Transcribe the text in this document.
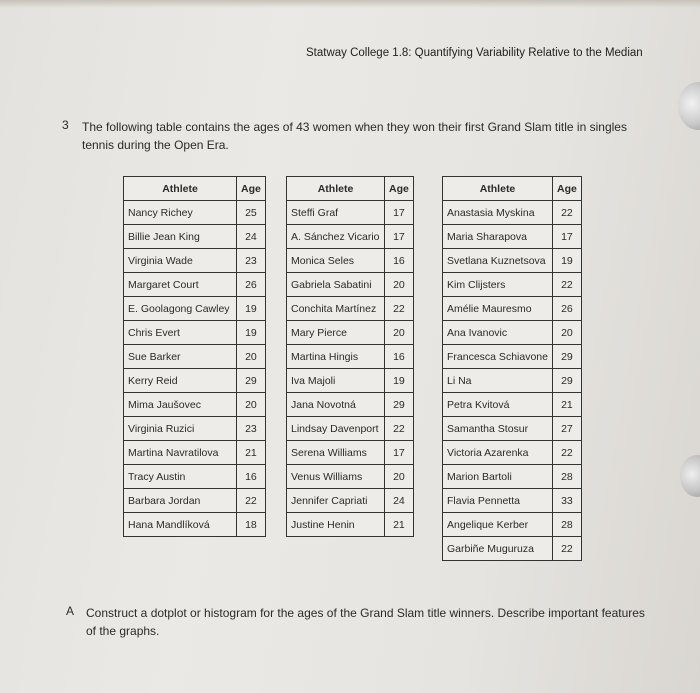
Statway College 1.8: Quantifying Variability Relative to the Median
3 The following table contains the ages of 43 women when they won their first Grand Slam title in singles tennis during the Open Era.
Athlete	Age
Nancy Richey	25
Billie Jean King	24
Virginia Wade	23
Margaret Court	26
E. Goolagong Cawley	19
Chris Evert	19
Sue Barker	20
Kerry Reid	29
Mima Jaušovec	20
Virginia Ruzici	23
Martina Navratilova	21
Tracy Austin	16
Barbara Jordan	22
Hana Mandlíková	18
Athlete	Age
Steffi Graf	17
A. Sánchez Vicario	17
Monica Seles	16
Gabriela Sabatini	20
Conchita Martínez	22
Mary Pierce	20
Martina Hingis	16
Iva Majoli	19
Jana Novotná	29
Lindsay Davenport	22
Serena Williams	17
Venus Williams	20
Jennifer Capriati	24
Justine Henin	21
Athlete	Age
Anastasia Myskina	22
Maria Sharapova	17
Svetlana Kuznetsova	19
Kim Clijsters	22
Amélie Mauresmo	26
Ana Ivanovic	20
Francesca Schiavone	29
Li Na	29
Petra Kvitová	21
Samantha Stosur	27
Victoria Azarenka	22
Marion Bartoli	28
Flavia Pennetta	33
Angelique Kerber	28
Garbiñe Muguruza	22
A Construct a dotplot or histogram for the ages of the Grand Slam title winners. Describe important features of the graphs.
